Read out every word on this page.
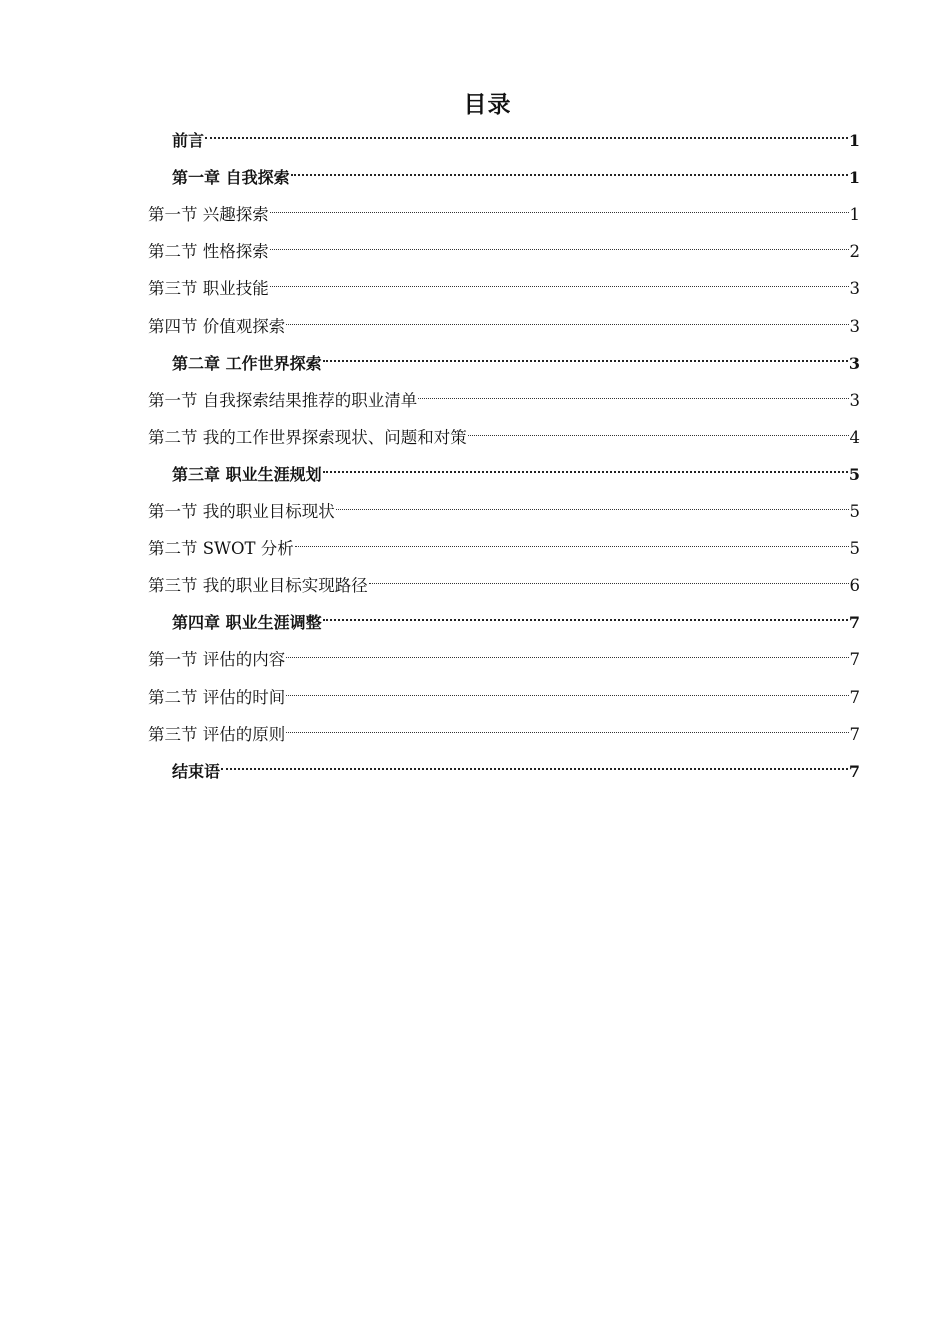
目录
前言	1
第一章 自我探索	1
第一节 兴趣探索	1
第二节 性格探索	2
第三节 职业技能	3
第四节 价值观探索	3
第二章 工作世界探索	3
第一节 自我探索结果推荐的职业清单	3
第二节 我的工作世界探索现状、问题和对策	4
第三章 职业生涯规划	5
第一节 我的职业目标现状	5
第二节 SWOT 分析	5
第三节 我的职业目标实现路径	6
第四章 职业生涯调整	7
第一节 评估的内容	7
第二节 评估的时间	7
第三节 评估的原则	7
结束语	7
